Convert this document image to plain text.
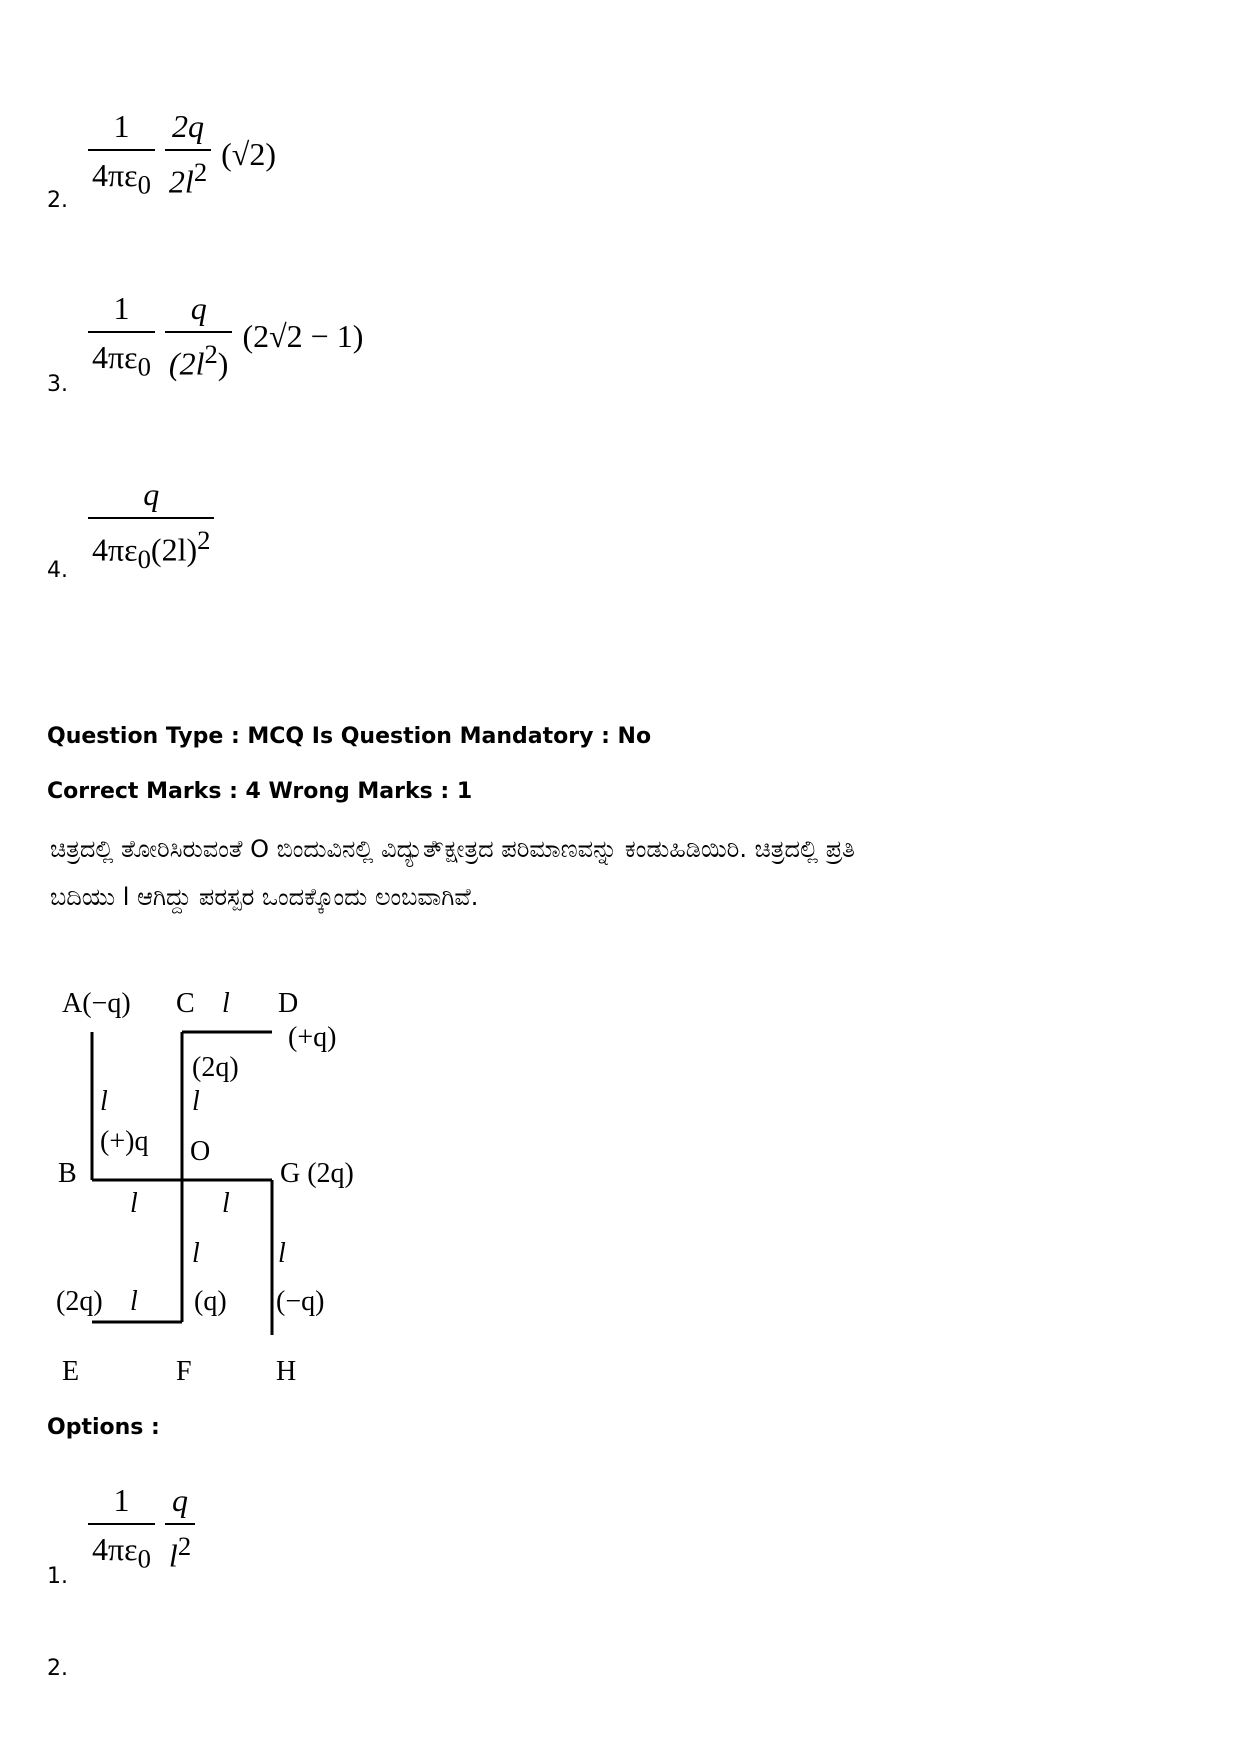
2. $\frac{1}{4\pi\varepsilon_0} \frac{2q}{2l^2} (√2)$
3.
$\frac{1}{4\pi\varepsilon_0} \frac{q}{(2l^2)} (2√2 - 1)$
4. $\frac{q}{4\pi\varepsilon_0(2l)^2}$
Question Type : MCQ Is Question Mandatory : No
Correct Marks : 4 Wrong Marks : 1
ಚಿತ್ರದಲ್ಲಿ ತೋರಿಸಿರುವಂತೆ O ಬಿಂದುವಿನಲ್ಲಿ ವಿದ್ಯುತ್ಕ್ಷೇತ್ರದ ಪರಿಮಾಣವನ್ನು ಕಂಡುಹಿಡಿಯಿರಿ. ಚಿತ್ರದಲ್ಲಿ ಪ್ರತಿ
ಬದಿಯು l ಆಗಿದ್ದು ಪರಸ್ಪರ ಒಂದಕ್ಕೊಂದು ಲಂಬವಾಗಿವೆ.
A(−q) C l D
(+q)
(2q)
l	l
(+)q O
B	G (2q)
l	l
l	l
(2q) l (q) (−q)
E	F	H
Options :
1.
$\frac{1}{4\pi\varepsilon_0} \frac{q}{l^2}$
2.
